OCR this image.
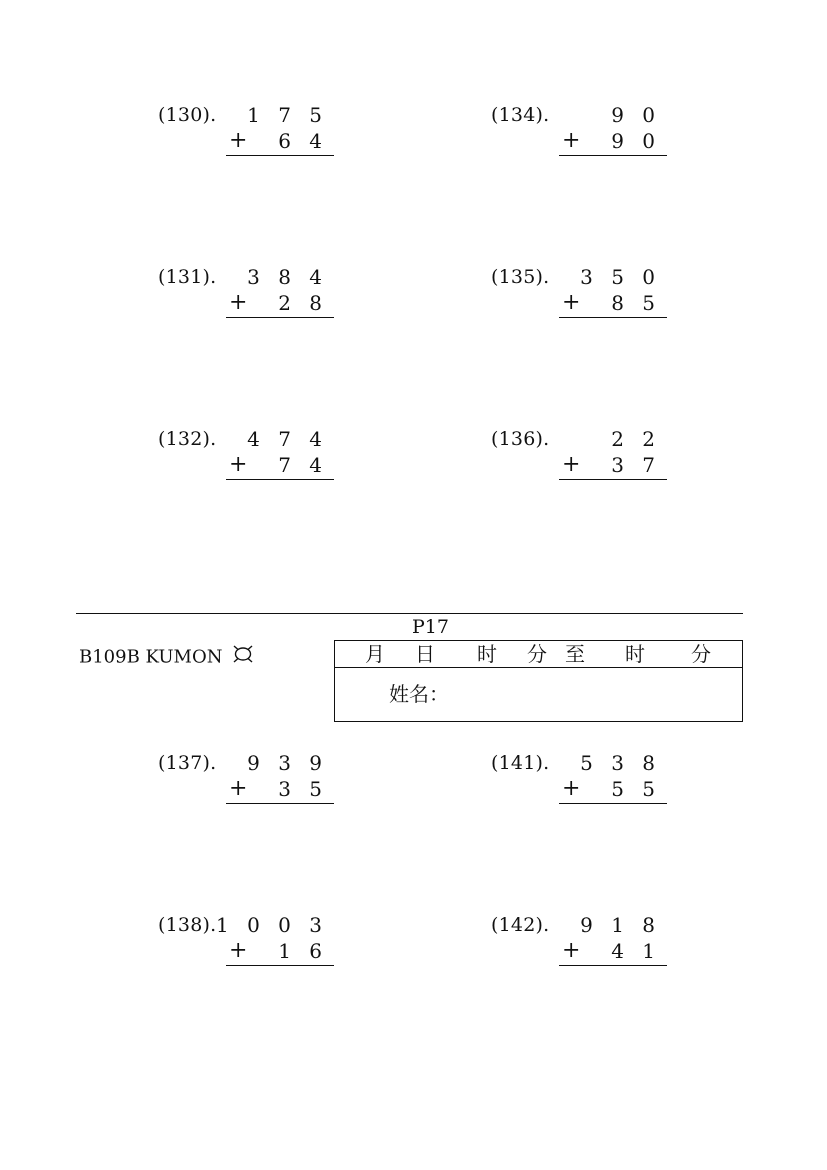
(130).	1 7 5
+	6 4
(131).	3 8 4
+	2 8
(132).	4 7 4
+	7 4
(134).	9 0
+	9 0
(135).	3 5 0
+	8 5
(136).	2 2
+	3 7
P17
B109B KUMON	月 日 时 分 至 时 分
姓名：
(137).	9 3 9
+	3 5
(138). 1 0 0 3
+	1 6
(141).	5 3 8
+	5 5
(142).	9 1 8
+	4 1
